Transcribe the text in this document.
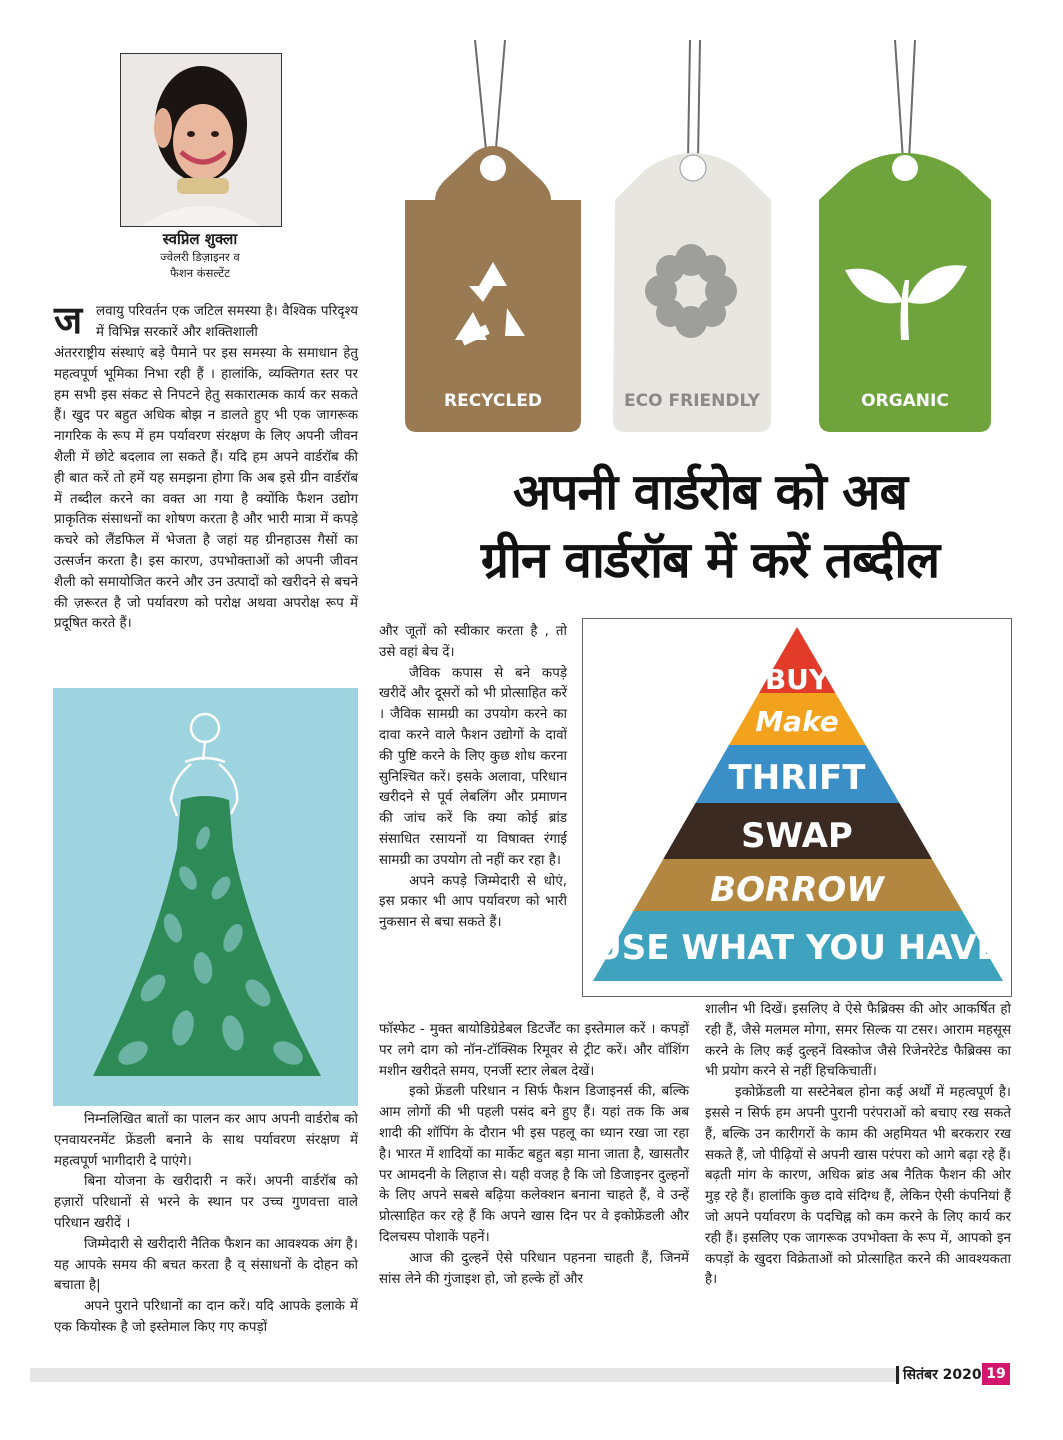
स्वप्निल शुक्ला
ज्वेलरी डिज़ाइनर व
फैशन कंसल्टेंट
ज लवायु परिवर्तन एक जटिल समस्या है। वैश्विक परिदृश्य में विभिन्न सरकारें और शक्तिशाली

अंतरराष्ट्रीय संस्थाएं बड़े पैमाने पर इस समस्या के समाधान हेतु महत्वपूर्ण भूमिका निभा रही हैं । हालांकि, व्यक्तिगत स्तर पर हम सभी इस संकट से निपटने हेतु सकारात्मक कार्य कर सकते हैं। खुद पर बहुत अधिक बोझ न डालते हुए भी एक जागरूक नागरिक के रूप में हम पर्यावरण संरक्षण के लिए अपनी जीवन शैली में छोटे बदलाव ला सकते हैं। यदि हम अपने वार्डरॉब की ही बात करें तो हमें यह समझना होगा कि अब इसे ग्रीन वार्डरॉब में तब्दील करने का वक्त आ गया है क्योंकि फैशन उद्योग प्राकृतिक संसाधनों का शोषण करता है और भारी मात्रा में कपड़े कचरे को लैंडफिल में भेजता है जहां यह ग्रीनहाउस गैसों का उत्सर्जन करता है। इस कारण, उपभोक्ताओं को अपनी जीवन शैली को समायोजित करने और उन उत्पादों को खरीदने से बचने की ज़रूरत है जो पर्यावरण को परोक्ष अथवा अपरोक्ष रूप में प्रदूषित करते हैं।

निम्नलिखित बातों का पालन कर आप अपनी वार्डरोब को एनवायरनमेंट फ्रेंडली बनाने के साथ पर्यावरण संरक्षण में महत्वपूर्ण भागीदारी दे पाएंगे।

बिना योजना के खरीदारी न करें। अपनी वार्डरॉब को हज़ारों परिधानों से भरने के स्थान पर उच्च गुणवत्ता वाले परिधान खरीदें ।

जिम्मेदारी से खरीदारी नैतिक फैशन का आवश्यक अंग है। यह आपके समय की बचत करता है व् संसाधनों के दोहन को बचाता है|

अपने पुराने परिधानों का दान करें। यदि आपके इलाके में एक कियोस्क है जो इस्तेमाल किए गए कपड़ों

RECYCLED	ECO FRIENDLY	ORGANIC
अपनी वार्डरोब को अब
ग्रीन वार्डरॉब में करें तब्दील

और जूतों को स्वीकार करता है , तो उसे वहां बेच दें।

जैविक कपास से बने कपड़े खरीदें और दूसरों को भी प्रोत्साहित करें । जैविक सामग्री का उपयोग करने का दावा करने वाले फैशन उद्योगों के दावों की पुष्टि करने के लिए कुछ शोध करना सुनिश्चित करें। इसके अलावा, परिधान खरीदने से पूर्व लेबलिंग और प्रमाणन की जांच करें कि क्या कोई ब्रांड संसाधित रसायनों या विषाक्त रंगाई सामग्री का उपयोग तो नहीं कर रहा है।

अपने कपड़े जिम्मेदारी से धोएं, इस प्रकार भी आप पर्यावरण को भारी नुकसान से बचा सकते हैं।

BUY
Make
THRIFT
SWAP
BORROW
USE WHAT YOU HAVE

फॉस्फेट - मुक्त बायोडिग्रेडेबल डिटर्जेंट का इस्तेमाल करें । कपड़ों पर लगे दाग को नॉन-टॉक्सिक रिमूवर से ट्रीट करें। और वॉशिंग मशीन खरीदते समय, एनर्जी स्टार लेबल देखें।

इको फ्रेंडली परिधान न सिर्फ फैशन डिजाइनर्स की, बल्कि आम लोगों की भी पहली पसंद बने हुए हैं। यहां तक कि अब शादी की शॉपिंग के दौरान भी इस पहलू का ध्यान रखा जा रहा है। भारत में शादियों का मार्केट बहुत बड़ा माना जाता है, खासतौर पर आमदनी के लिहाज से। यही वजह है कि जो डिजाइनर दुल्हनों के लिए अपने सबसे बढ़िया कलेक्शन बनाना चाहते हैं, वे उन्हें प्रोत्साहित कर रहे हैं कि अपने खास दिन पर वे इकोफ्रेंडली और दिलचस्प पोशाकें पहनें।

आज की दुल्हनें ऐसे परिधान पहनना चाहती हैं, जिनमें सांस लेने की गुंजाइश हो, जो हल्के हों और

शालीन भी दिखें। इसलिए वे ऐसे फैब्रिक्स की ओर आकर्षित हो रही हैं, जैसे मलमल मोगा, समर सिल्क या टसर। आराम महसूस करने के लिए कई दुल्हनें विस्कोज जैसे रिजेनरेटेड फैब्रिक्स का भी प्रयोग करने से नहीं हिचकिचातीं।

इकोफ्रेंडली या सस्टेनेबल होना कई अर्थों में महत्वपूर्ण है। इससे न सिर्फ हम अपनी पुरानी परंपराओं को बचाए रख सकते हैं, बल्कि उन कारीगरों के काम की अहमियत भी बरकरार रख सकते हैं, जो पीढ़ियों से अपनी खास परंपरा को आगे बढ़ा रहे हैं। बढ़ती मांग के कारण, अधिक ब्रांड अब नैतिक फैशन की ओर मुड़ रहे हैं। हालांकि कुछ दावे संदिग्ध हैं, लेकिन ऐसी कंपनियां हैं जो अपने पर्यावरण के पदचिह्न को कम करने के लिए कार्य कर रही हैं। इसलिए एक जागरूक उपभोक्ता के रूप में, आपको इन कपड़ों के खुदरा विक्रेताओं को प्रोत्साहित करने की आवश्यकता है।

सितंबर 2020 19
